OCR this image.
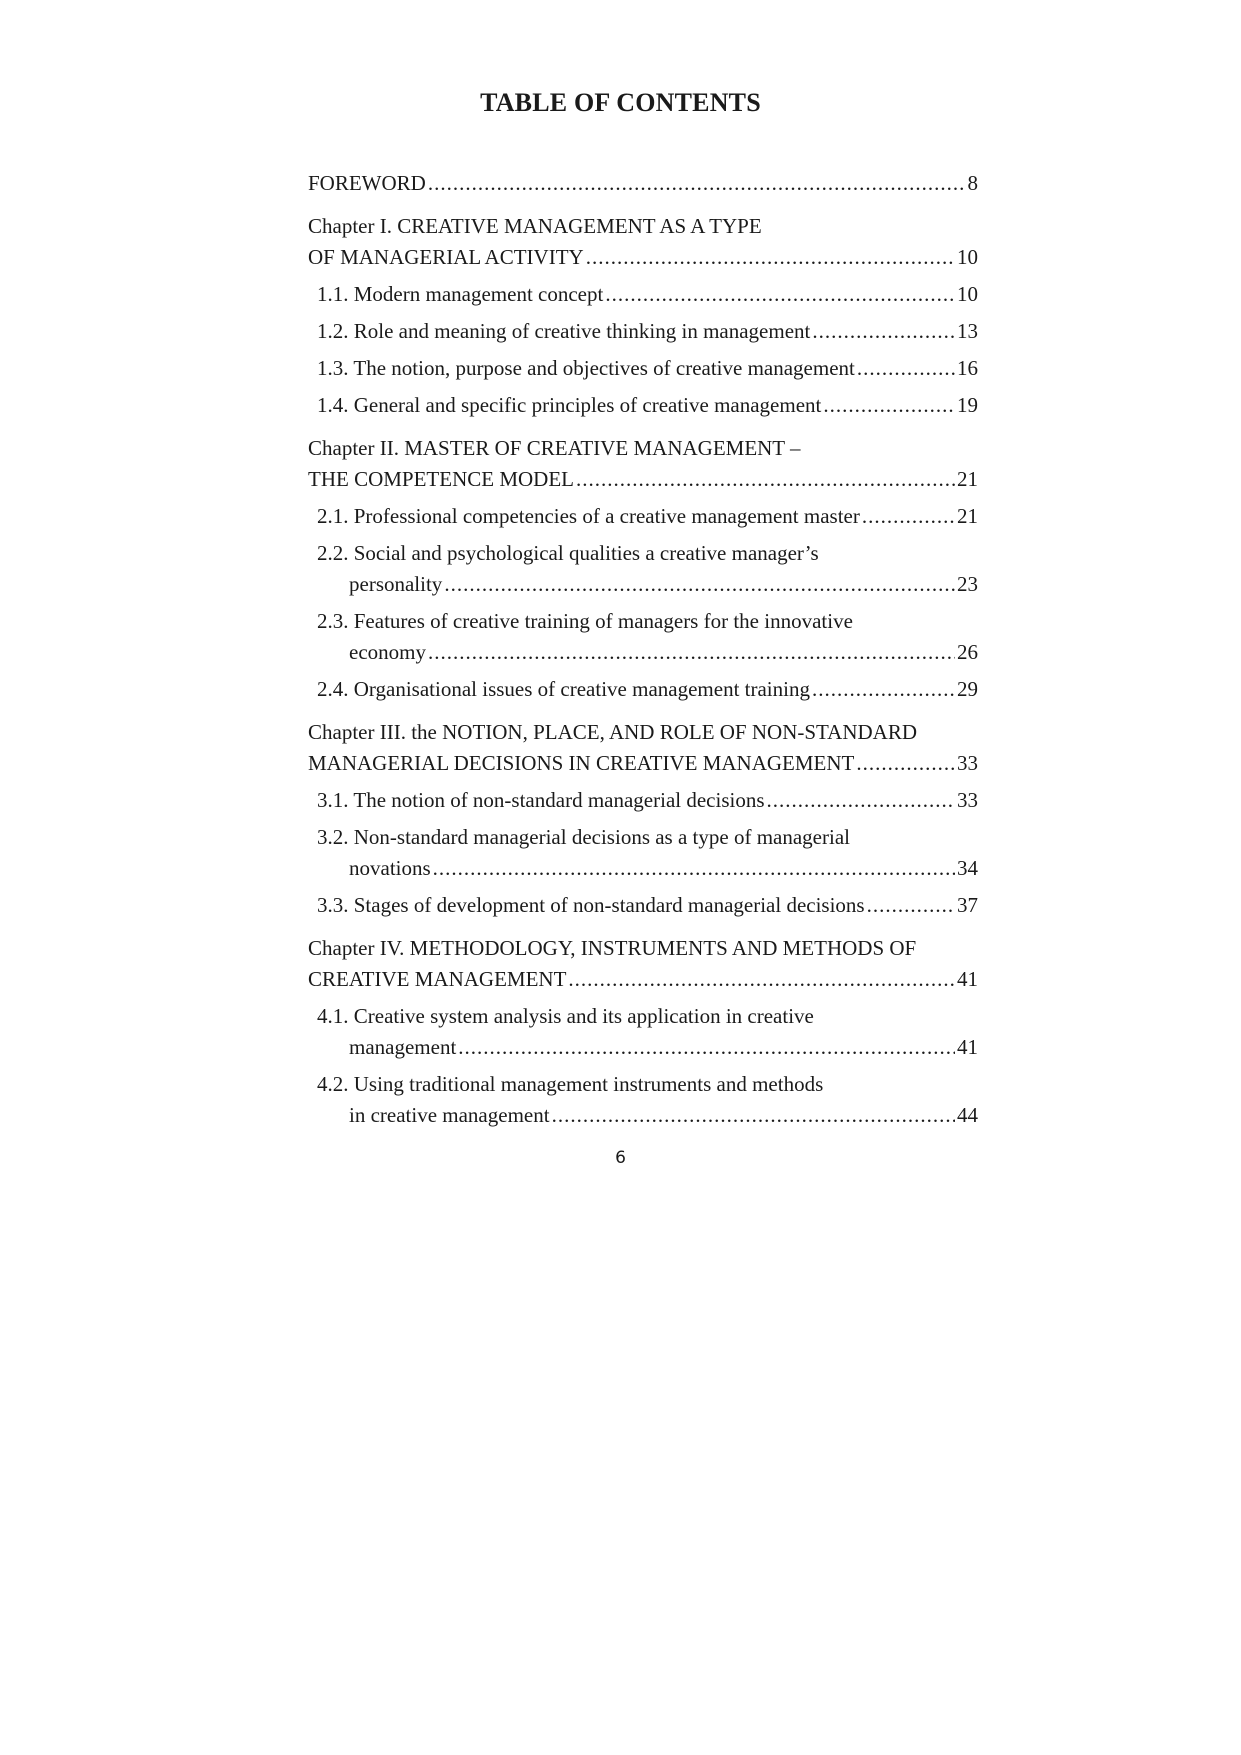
TABLE OF CONTENTS
FOREWORD .....	8
Chapter I. CREATIVE MANAGEMENT AS A TYPE
OF MANAGERIAL ACTIVITY .....	10
1.1. Modern management concept .....	10
1.2. Role and meaning of creative thinking in management .....	13
1.3. The notion, purpose and objectives of creative management .....	16
1.4. General and specific principles of creative management .....	19
Chapter II. MASTER OF CREATIVE MANAGEMENT –
THE COMPETENCE MODEL .....	21
2.1. Professional competencies of a creative management master .....	21
2.2. Social and psychological qualities a creative manager’s
personality .....	23
2.3. Features of creative training of managers for the innovative
economy .....	26
2.4. Organisational issues of creative management training .....	29
Chapter III. the NOTION, PLACE, AND ROLE OF NON-STANDARD
MANAGERIAL DECISIONS IN CREATIVE MANAGEMENT .....	33
3.1. The notion of non-standard managerial decisions .....	33
3.2. Non-standard managerial decisions as a type of managerial
novations .....	34
3.3. Stages of development of non-standard managerial decisions .....	37
Chapter IV. METHODOLOGY, INSTRUMENTS AND METHODS OF
CREATIVE MANAGEMENT .....	41
4.1. Creative system analysis and its application in creative
management .....	41
4.2. Using traditional management instruments and methods
in creative management .....	44
6
